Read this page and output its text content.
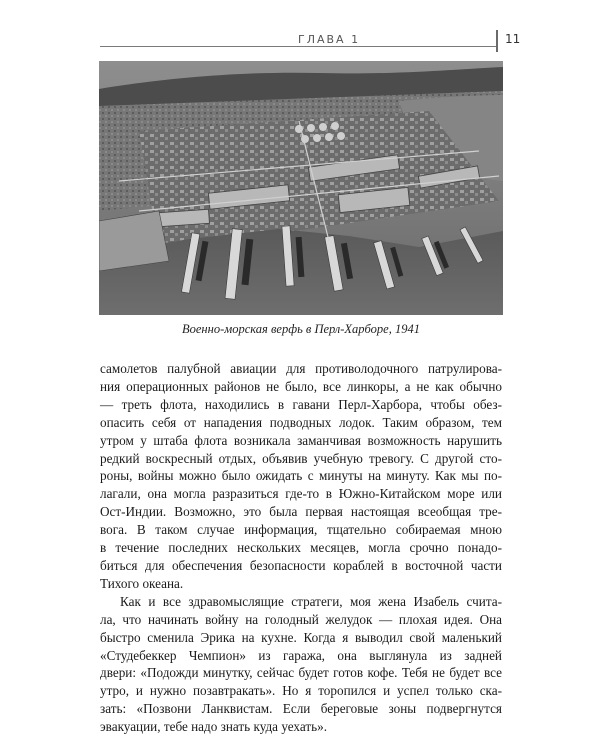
ГЛАВА 1	11
Военно-морская верфь в Перл-Харборе, 1941
самолетов палубной авиации для противолодочного патрулирова-
ния операционных районов не было, все линкоры, а не как обычно
— треть флота, находились в гавани Перл-Харбора, чтобы обез-
опасить себя от нападения подводных лодок. Таким образом, тем
утром у штаба флота возникала заманчивая возможность нарушить
редкий воскресный отдых, объявив учебную тревогу. С другой сто-
роны, войны можно было ожидать с минуты на минуту. Как мы по-
лагали, она могла разразиться где-то в Южно-Китайском море или
Ост-Индии. Возможно, это была первая настоящая всеобщая тре-
вога. В таком случае информация, тщательно собираемая мною
в течение последних нескольких месяцев, могла срочно понадо-
биться для обеспечения безопасности кораблей в восточной части
Тихого океана.
Как и все здравомыслящие стратеги, моя жена Изабель счита-
ла, что начинать войну на голодный желудок — плохая идея. Она
быстро сменила Эрика на кухне. Когда я выводил свой маленький
«Студебеккер Чемпион» из гаража, она выглянула из задней
двери: «Подожди минутку, сейчас будет готов кофе. Тебя не будет все
утро, и нужно позавтракать». Но я торопился и успел только ска-
зать: «Позвони Ланквистам. Если береговые зоны подвергнутся
эвакуации, тебе надо знать куда уехать».
